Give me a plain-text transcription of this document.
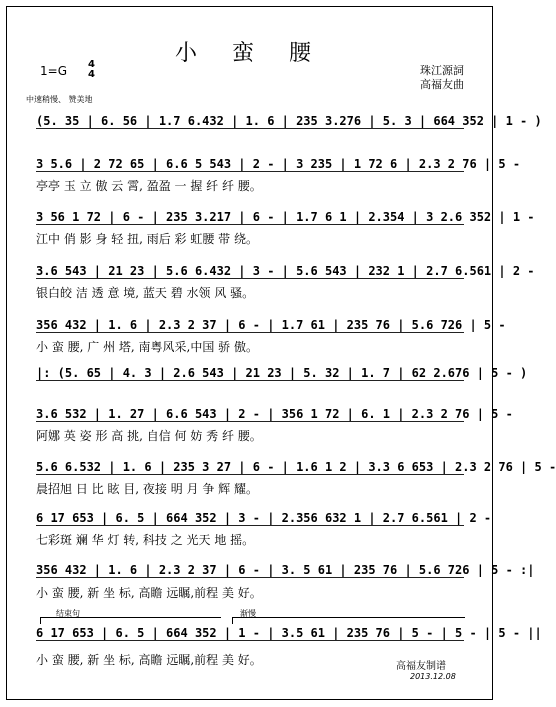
小 蛮 腰
1=G 4
4	珠江源詞
高福友曲
中速稍慢、 赞美地
(5. 35 | 6. 56 | 1.7 6.432 | 1. 6 | 235 3.276 | 5. 3 | 664 352 | 1 - )
3 5.6 | 2 72 65 | 6.6 5 543 | 2 - | 3 235 | 1 72 6 | 2.3 2 76 | 5 -
亭亭 玉 立 傲 云 霄, 盈盈 一 握 纤 纤 腰。
3 56 1 72 | 6 - | 235 3.217 | 6 - | 1.7 6 1 | 2.354 | 3 2.6 352 | 1 -
江中 俏 影 身 轻 扭, 雨后 彩 虹腰 带 绕。
3.6 543 | 21 23 | 5.6 6.432 | 3 - | 5.6 543 | 232 1 | 2.7 6.561 | 2 -
银白皎 洁 透 意 境, 蓝天 碧 水领 风 骚。
356 432 | 1. 6 | 2.3 2 37 | 6 - | 1.7 61 | 235 76 | 5.6 726 | 5 -
小 蛮 腰, 广 州 塔, 南粤风采,中国 骄 傲。
|: (5. 65 | 4. 3 | 2.6 543 | 21 23 | 5. 32 | 1. 7 | 62 2.676 | 5 - )
3.6 532 | 1. 27 | 6.6 543 | 2 - | 356 1 72 | 6. 1 | 2.3 2 76 | 5 -
阿娜 英 姿 形 高 挑, 自信 何 妨 秀 纤 腰。
5.6 6.532 | 1. 6 | 235 3 27 | 6 - | 1.6 1 2 | 3.3 6 653 | 2.3 2 76 | 5 -
晨招旭 日 比 眩 目, 夜接 明 月 争 辉 耀。
6 17 653 | 6. 5 | 664 352 | 3 - | 2.356 632 1 | 2.7 6.561 | 2 -
七彩斑 斓 华 灯 转, 科技 之 光天 地 摇。
356 432 | 1. 6 | 2.3 2 37 | 6 - | 3. 5 61 | 235 76 | 5.6 726 | 5 - :|
小 蛮 腰, 新 坐 标, 高瞻 远瞩,前程 美 好。
结束句	渐慢
6 17 653 | 6. 5 | 664 352 | 1 - | 3.5 61 | 235 76 | 5 - | 5 - | 5 - ||
小 蛮 腰, 新 坐 标, 高瞻 远瞩,前程 美 好。	高福友制谱
2013.12.08
